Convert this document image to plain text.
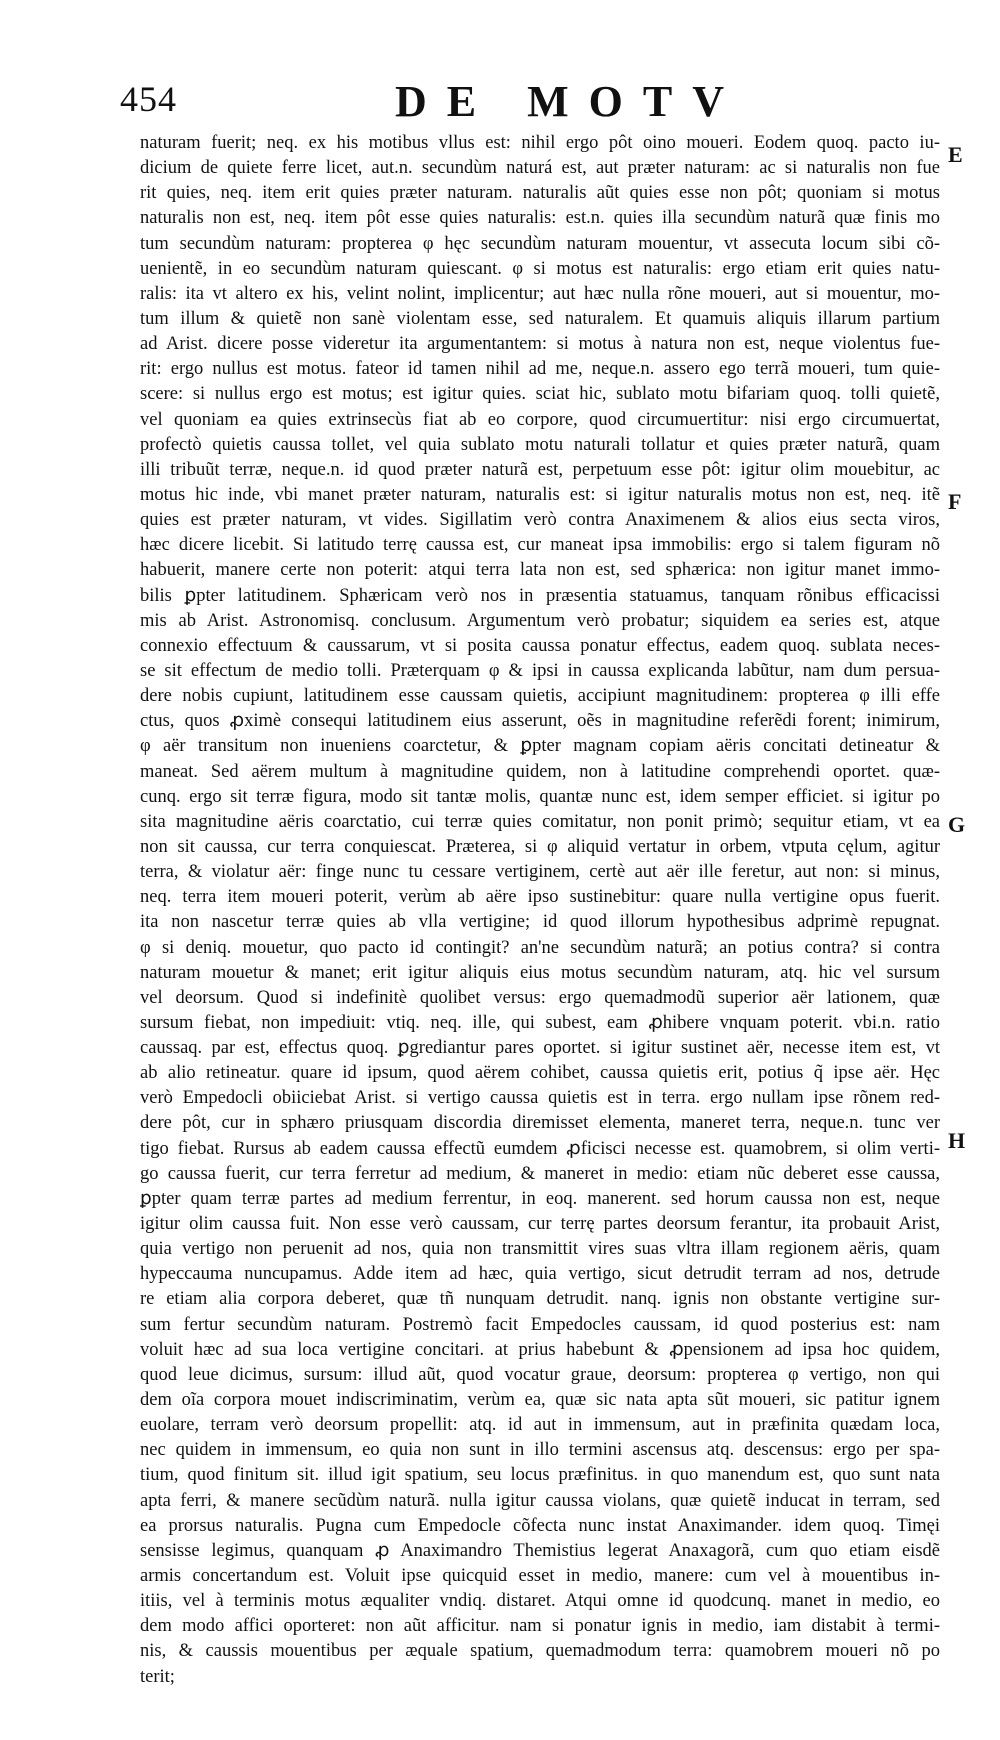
454	DE MOTV
E
F
G
H
naturam fuerit; neq. ex his motibus vllus est: nihil ergo pôt oino moueri. Eodem quoq. pacto iu-
dicium de quiete ferre licet, aut.n. secundùm naturá est, aut præter naturam: ac si naturalis non fue
rit quies, neq. item erit quies præter naturam. naturalis aũt quies esse non pôt; quoniam si motus
naturalis non est, neq. item pôt esse quies naturalis: est.n. quies illa secundùm naturã quæ finis mo
tum secundùm naturam: propterea φ hęc secundùm naturam mouentur, vt assecuta locum sibi cõ-
uenientẽ, in eo secundùm naturam quiescant. φ si motus est naturalis: ergo etiam erit quies natu-
ralis: ita vt altero ex his, velint nolint, implicentur; aut hæc nulla rõne moueri, aut si mouentur, mo-
tum illum & quietẽ non sanè violentam esse, sed naturalem. Et quamuis aliquis illarum partium
ad Arist. dicere posse videretur ita argumentantem: si motus à natura non est, neque violentus fue-
rit: ergo nullus est motus. fateor id tamen nihil ad me, neque.n. assero ego terrã moueri, tum quie-
scere: si nullus ergo est motus; est igitur quies. sciat hic, sublato motu bifariam quoq. tolli quietẽ,
vel quoniam ea quies extrinsecùs fiat ab eo corpore, quod circumuertitur: nisi ergo circumuertat,
profectò quietis caussa tollet, vel quia sublato motu naturali tollatur et quies præter naturã, quam
illi tribuũt terræ, neque.n. id quod præter naturã est, perpetuum esse pôt: igitur olim mouebitur, ac
motus hic inde, vbi manet præter naturam, naturalis est: si igitur naturalis motus non est, neq. itẽ
quies est præter naturam, vt vides. Sigillatim verò contra Anaximenem & alios eius secta viros,
hæc dicere licebit. Si latitudo terrę caussa est, cur maneat ipsa immobilis: ergo si talem figuram nõ
habuerit, manere certe non poterit: atqui terra lata non est, sed sphærica: non igitur manet immo-
bilis ꝑpter latitudinem. Sphæricam verò nos in præsentia statuamus, tanquam rõnibus efficacissi
mis ab Arist. Astronomisq. conclusum. Argumentum verò probatur; siquidem ea series est, atque
connexio effectuum & caussarum, vt si posita caussa ponatur effectus, eadem quoq. sublata neces-
se sit effectum de medio tolli. Præterquam φ & ipsi in caussa explicanda labũtur, nam dum persua-
dere nobis cupiunt, latitudinem esse caussam quietis, accipiunt magnitudinem: propterea φ illi effe
ctus, quos ꝓximè consequi latitudinem eius asserunt, oẽs in magnitudine referẽdi forent; inimirum,
φ aër transitum non inueniens coarctetur, & ꝑpter magnam copiam aëris concitati detineatur &
maneat. Sed aërem multum à magnitudine quidem, non à latitudine comprehendi oportet. quæ-
cunq. ergo sit terræ figura, modo sit tantæ molis, quantæ nunc est, idem semper efficiet. si igitur po
sita magnitudine aëris coarctatio, cui terræ quies comitatur, non ponit primò; sequitur etiam, vt ea
non sit caussa, cur terra conquiescat. Præterea, si φ aliquid vertatur in orbem, vtputa cęlum, agitur
terra, & violatur aër: finge nunc tu cessare vertiginem, certè aut aër ille feretur, aut non: si minus,
neq. terra item moueri poterit, verùm ab aëre ipso sustinebitur: quare nulla vertigine opus fuerit.
ita non nascetur terræ quies ab vlla vertigine; id quod illorum hypothesibus adprimè repugnat.
φ si deniq. mouetur, quo pacto id contingit? an'ne secundùm naturã; an potius contra? si contra
naturam mouetur & manet; erit igitur aliquis eius motus secundùm naturam, atq. hic vel sursum
vel deorsum. Quod si indefinitè quolibet versus: ergo quemadmodũ superior aër lationem, quæ
sursum fiebat, non impediuit: vtiq. neq. ille, qui subest, eam ꝓhibere vnquam poterit. vbi.n. ratio
caussaq. par est, effectus quoq. ꝑgrediantur pares oportet. si igitur sustinet aër, necesse item est, vt
ab alio retineatur. quare id ipsum, quod aërem cohibet, caussa quietis erit, potius q̃ ipse aër. Hęc
verò Empedocli obiiciebat Arist. si vertigo caussa quietis est in terra. ergo nullam ipse rõnem red-
dere pôt, cur in sphæro priusquam discordia diremisset elementa, maneret terra, neque.n. tunc ver
tigo fiebat. Rursus ab eadem caussa effectũ eumdem ꝓficisci necesse est. quamobrem, si olim verti-
go caussa fuerit, cur terra ferretur ad medium, & maneret in medio: etiam nũc deberet esse caussa,
ꝑpter quam terræ partes ad medium ferrentur, in eoq. manerent. sed horum caussa non est, neque
igitur olim caussa fuit. Non esse verò caussam, cur terrę partes deorsum ferantur, ita probauit Arist,
quia vertigo non peruenit ad nos, quia non transmittit vires suas vltra illam regionem aëris, quam
hypeccauma nuncupamus. Adde item ad hæc, quia vertigo, sicut detrudit terram ad nos, detrude
re etiam alia corpora deberet, quæ tñ nunquam detrudit. nanq. ignis non obstante vertigine sur-
sum fertur secundùm naturam. Postremò facit Empedocles caussam, id quod posterius est: nam
voluit hæc ad sua loca vertigine concitari. at prius habebunt & ꝓpensionem ad ipsa hoc quidem,
quod leue dicimus, sursum: illud aũt, quod vocatur graue, deorsum: propterea φ vertigo, non qui
dem oĩa corpora mouet indiscriminatim, verùm ea, quæ sic nata apta sũt moueri, sic patitur ignem
euolare, terram verò deorsum propellit: atq. id aut in immensum, aut in præfinita quædam loca,
nec quidem in immensum, eo quia non sunt in illo termini ascensus atq. descensus: ergo per spa-
tium, quod finitum sit. illud igit spatium, seu locus præfinitus. in quo manendum est, quo sunt nata
apta ferri, & manere secũdùm naturã. nulla igitur caussa violans, quæ quietẽ inducat in terram, sed
ea prorsus naturalis. Pugna cum Empedocle cõfecta nunc instat Anaximander. idem quoq. Timęi
sensisse legimus, quanquam ꝓ Anaximandro Themistius legerat Anaxagorã, cum quo etiam eisdẽ
armis concertandum est. Voluit ipse quicquid esset in medio, manere: cum vel à mouentibus in-
itiis, vel à terminis motus æqualiter vndiq. distaret. Atqui omne id quodcunq. manet in medio, eo
dem modo affici oporteret: non aũt afficitur. nam si ponatur ignis in medio, iam distabit à termi-
nis, & caussis mouentibus per æquale spatium, quemadmodum terra: quamobrem moueri nõ po
terit;
